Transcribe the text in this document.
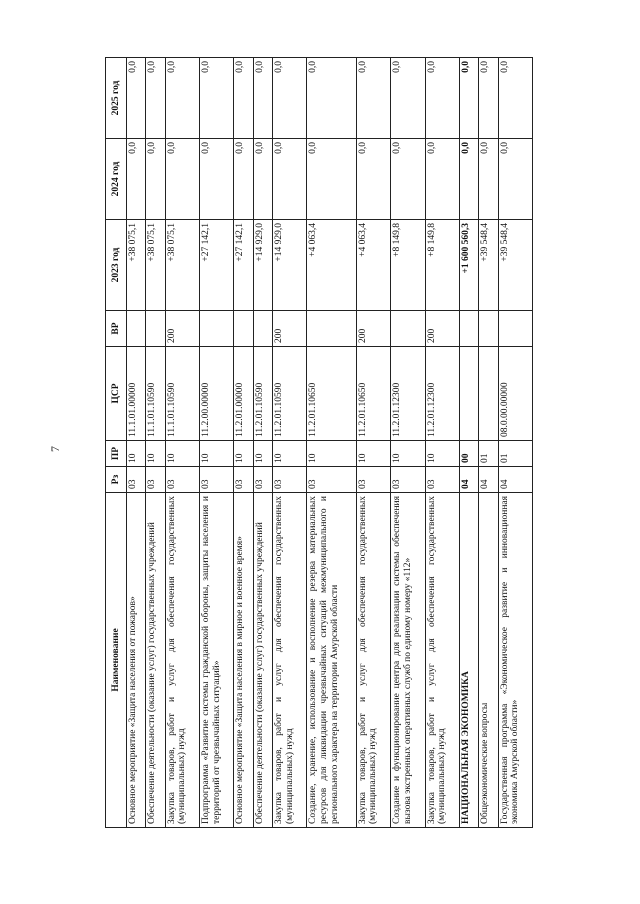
7
Наименование	Рз	ПР	ЦСР	ВР	2023 год	2024 год	2025 год
Основное мероприятие «Защита населения от пожаров»	03	10	11.1.01.00000		+38 075,1	0,0	0,0
Обеспечение деятельности (оказание услуг) государственных учреждений	03	10	11.1.01.10590		+38 075,1	0,0	0,0
Закупка товаров, работ и услуг для обеспечения государственных (муниципальных) нужд	03	10	11.1.01.10590	200	+38 075,1	0,0	0,0
Подпрограмма «Развитие системы гражданской обороны, защиты населения и территорий от чрезвычайных ситуаций»	03	10	11.2.00.00000		+27 142,1	0,0	0,0
Основное мероприятие «Защита населения в мирное и военное время»	03	10	11.2.01.00000		+27 142,1	0,0	0,0
Обеспечение деятельности (оказание услуг) государственных учреждений	03	10	11.2.01.10590		+14 929,0	0,0	0,0
Закупка товаров, работ и услуг для обеспечения государственных (муниципальных) нужд	03	10	11.2.01.10590	200	+14 929,0	0,0	0,0
Создание, хранение, использование и восполнение резерва материальных ресурсов для ликвидации чрезвычайных ситуаций межмуниципального и регионального характера на территории Амурской области	03	10	11.2.01.10650		+4 063,4	0,0	0,0
Закупка товаров, работ и услуг для обеспечения государственных (муниципальных) нужд	03	10	11.2.01.10650	200	+4 063,4	0,0	0,0
Создание и функционирование центра для реализации системы обеспечения вызова экстренных оперативных служб по единому номеру «112»	03	10	11.2.01.12300		+8 149,8	0,0	0,0
Закупка товаров, работ и услуг для обеспечения государственных (муниципальных) нужд	03	10	11.2.01.12300	200	+8 149,8	0,0	0,0
НАЦИОНАЛЬНАЯ ЭКОНОМИКА	04	00			+1 600 560,3	0,0	0,0
Общеэкономические вопросы	04	01			+39 548,4	0,0	0,0
Государственная программа «Экономическое развитие и инновационная экономика Амурской области»	04	01	08.0.00.00000		+39 548,4	0,0	0,0
